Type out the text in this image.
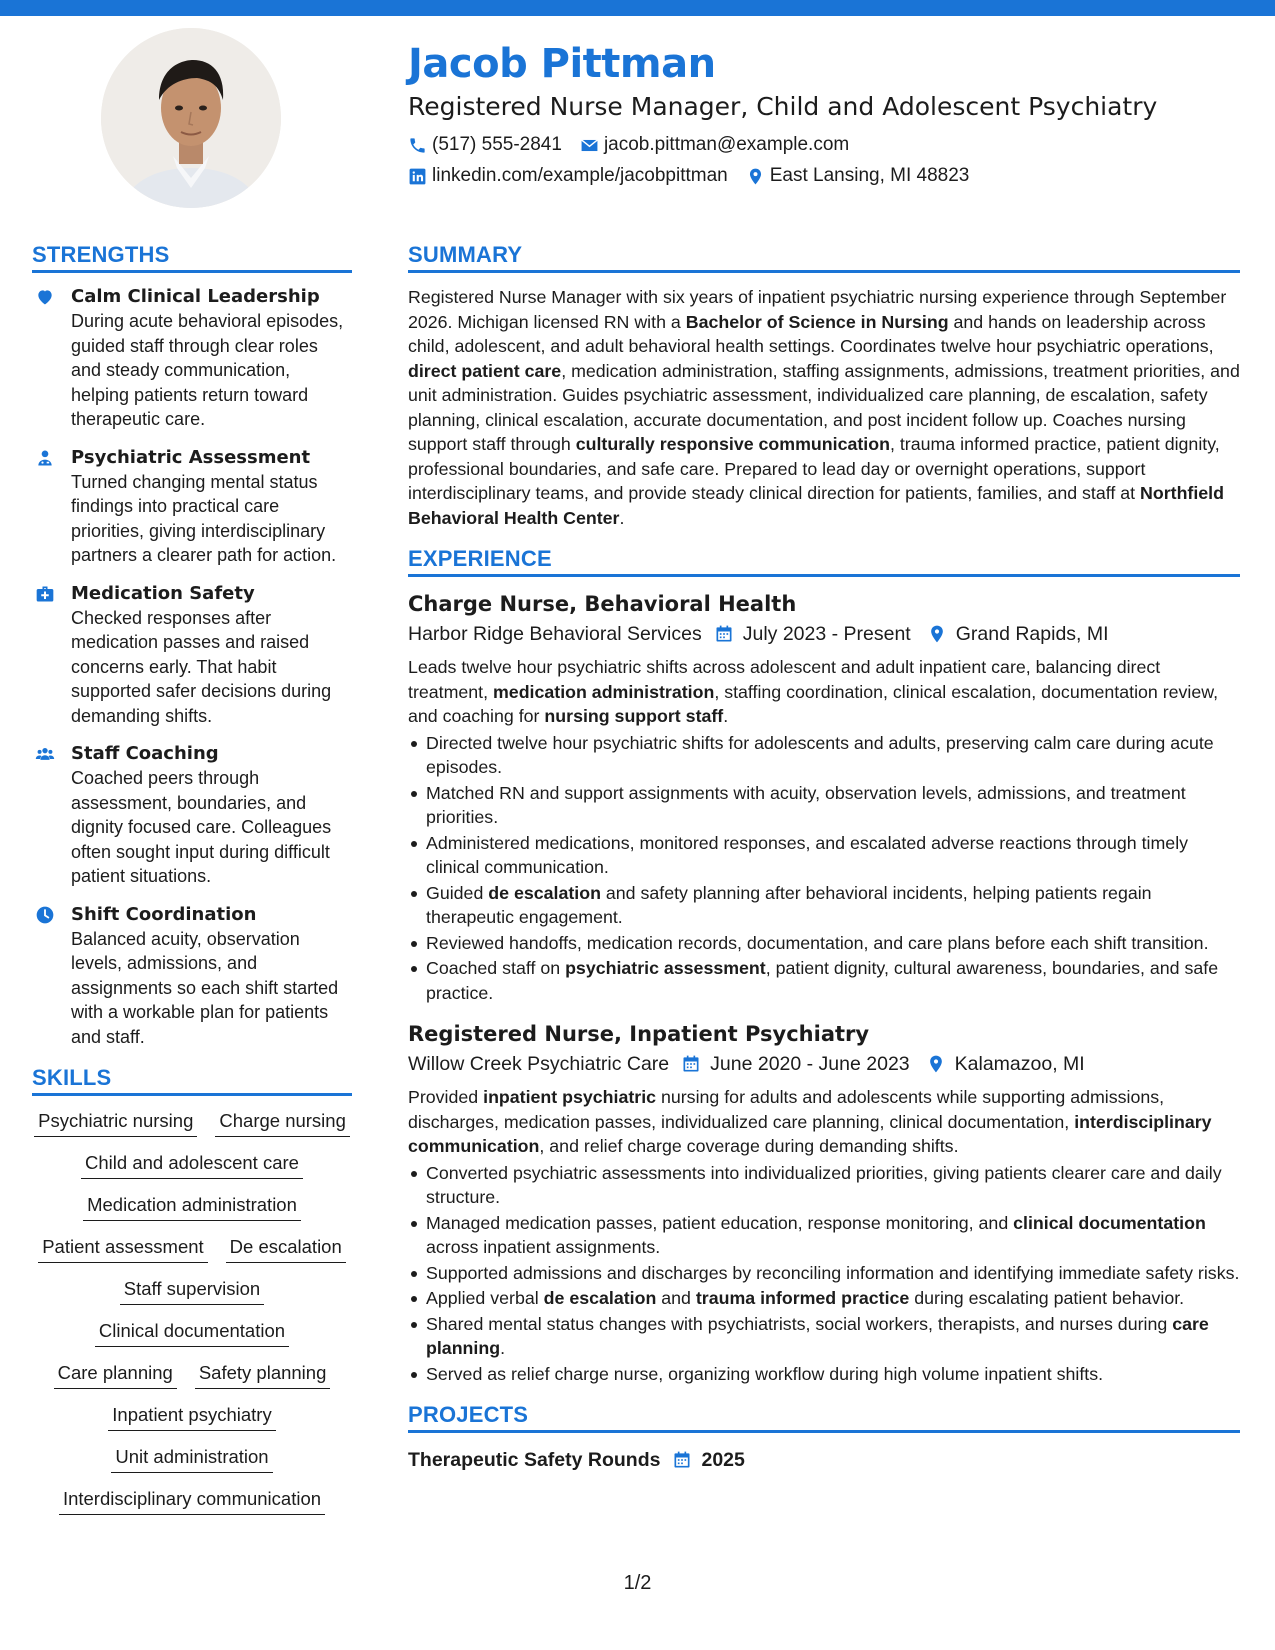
Jacob Pittman
Registered Nurse Manager, Child and Adolescent Psychiatry
(517) 555-2841 jacob.pittman@example.com
linkedin.com/example/jacobpittman East Lansing, MI 48823
STRENGTHS
Calm Clinical Leadership
During acute behavioral episodes, guided staff through clear roles and steady communication, helping patients return toward therapeutic care.
Psychiatric Assessment
Turned changing mental status findings into practical care priorities, giving interdisciplinary partners a clearer path for action.
Medication Safety
Checked responses after medication passes and raised concerns early. That habit supported safer decisions during demanding shifts.
Staff Coaching
Coached peers through assessment, boundaries, and dignity focused care. Colleagues often sought input during difficult patient situations.
Shift Coordination
Balanced acuity, observation levels, admissions, and assignments so each shift started with a workable plan for patients and staff.
SKILLS
Psychiatric nursing Charge nursing
Child and adolescent care
Medication administration
Patient assessment De escalation
Staff supervision
Clinical documentation
Care planning Safety planning
Inpatient psychiatry
Unit administration
Interdisciplinary communication
SUMMARY

Registered Nurse Manager with six years of inpatient psychiatric nursing experience through September 2026. Michigan licensed RN with a Bachelor of Science in Nursing and hands on leadership across child, adolescent, and adult behavioral health settings. Coordinates twelve hour psychiatric operations, direct patient care, medication administration, staffing assignments, admissions, treatment priorities, and unit administration. Guides psychiatric assessment, individualized care planning, de escalation, safety planning, clinical escalation, accurate documentation, and post incident follow up. Coaches nursing support staff through culturally responsive communication, trauma informed practice, patient dignity, professional boundaries, and safe care. Prepared to lead day or overnight operations, support interdisciplinary teams, and provide steady clinical direction for patients, families, and staff at Northfield Behavioral Health Center.

EXPERIENCE
Charge Nurse, Behavioral Health
Harbor Ridge Behavioral Services July 2023 - Present Grand Rapids, MI

Leads twelve hour psychiatric shifts across adolescent and adult inpatient care, balancing direct treatment, medication administration, staffing coordination, clinical escalation, documentation review, and coaching for nursing support staff.

Directed twelve hour psychiatric shifts for adolescents and adults, preserving calm care during acute episodes.
Matched RN and support assignments with acuity, observation levels, admissions, and treatment priorities.
Administered medications, monitored responses, and escalated adverse reactions through timely clinical communication.
Guided de escalation and safety planning after behavioral incidents, helping patients regain therapeutic engagement.
Reviewed handoffs, medication records, documentation, and care plans before each shift transition.
Coached staff on psychiatric assessment, patient dignity, cultural awareness, boundaries, and safe practice.
Registered Nurse, Inpatient Psychiatry
Willow Creek Psychiatric Care June 2020 - June 2023 Kalamazoo, MI

Provided inpatient psychiatric nursing for adults and adolescents while supporting admissions, discharges, medication passes, individualized care planning, clinical documentation, interdisciplinary communication, and relief charge coverage during demanding shifts.

Converted psychiatric assessments into individualized priorities, giving patients clearer care and daily structure.
Managed medication passes, patient education, response monitoring, and clinical documentation across inpatient assignments.
Supported admissions and discharges by reconciling information and identifying immediate safety risks.
Applied verbal de escalation and trauma informed practice during escalating patient behavior.
Shared mental status changes with psychiatrists, social workers, therapists, and nurses during care planning.
Served as relief charge nurse, organizing workflow during high volume inpatient shifts.
PROJECTS
Therapeutic Safety Rounds 2025
1/2
